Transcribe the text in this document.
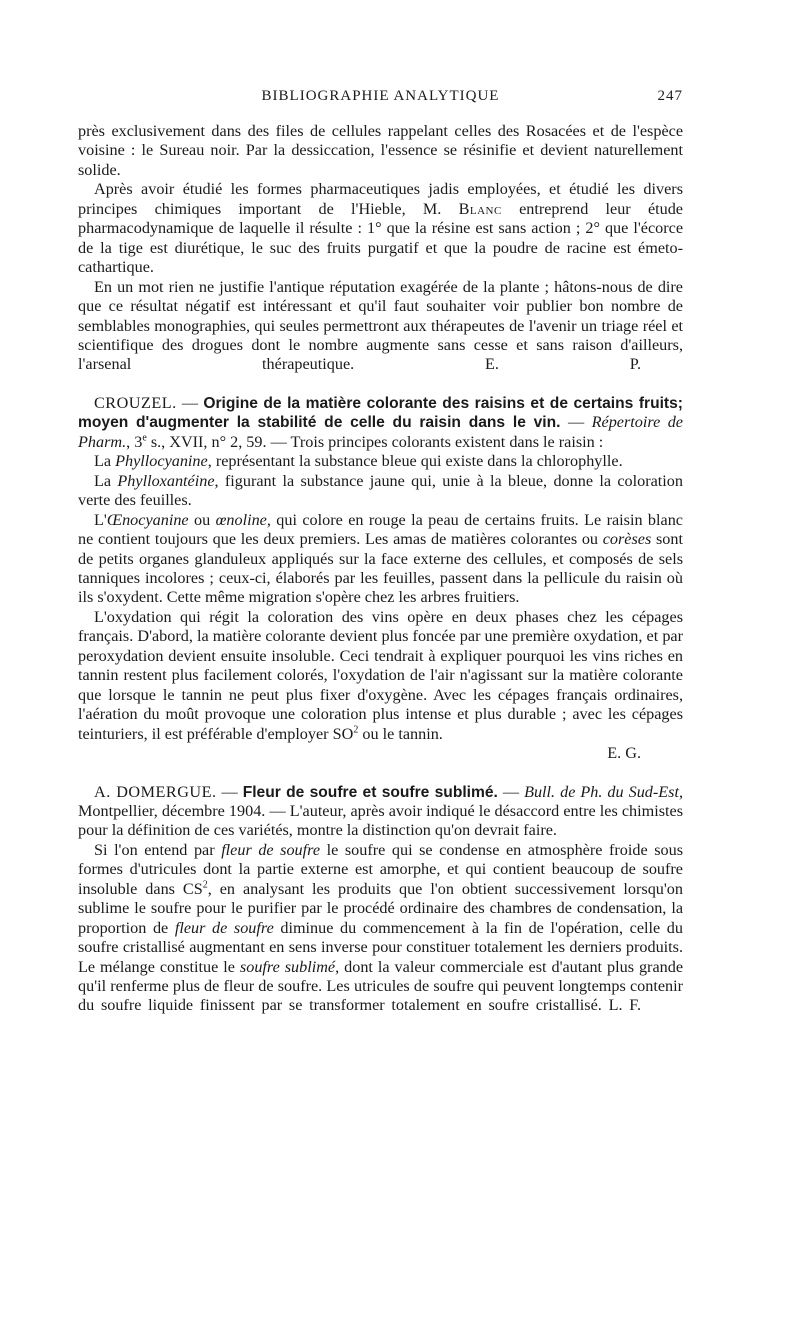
BIBLIOGRAPHIE ANALYTIQUE	247

près exclusivement dans des files de cellules rappelant celles des Rosacées et de l'espèce voisine : le Sureau noir. Par la dessiccation, l'essence se résinifie et devient naturellement solide.

Après avoir étudié les formes pharmaceutiques jadis employées, et étudié les divers principes chimiques important de l'Hieble, M. Blanc entreprend leur étude pharmacodynamique de laquelle il résulte : 1° que la résine est sans action ; 2° que l'écorce de la tige est diurétique, le suc des fruits purgatif et que la poudre de racine est émeto-cathartique.

En un mot rien ne justifie l'antique réputation exagérée de la plante ; hâtons-nous de dire que ce résultat négatif est intéressant et qu'il faut souhaiter voir publier bon nombre de semblables monographies, qui seules permettront aux thérapeutes de l'avenir un triage réel et scientifique des drogues dont le nombre augmente sans cesse et sans raison d'ailleurs, l'arsenal thérapeutique.	E. P.

CROUZEL. — Origine de la matière colorante des raisins et de certains fruits; moyen d'augmenter la stabilité de celle du raisin dans le vin. — Répertoire de Pharm., 3e s., XVII, n° 2, 59. — Trois principes colorants existent dans le raisin :

La Phyllocyanine, représentant la substance bleue qui existe dans la chlorophylle.

La Phylloxantéine, figurant la substance jaune qui, unie à la bleue, donne la coloration verte des feuilles.

L'Œnocyanine ou œnoline, qui colore en rouge la peau de certains fruits. Le raisin blanc ne contient toujours que les deux premiers. Les amas de matières colorantes ou corèses sont de petits organes glanduleux appliqués sur la face externe des cellules, et composés de sels tanniques incolores ; ceux-ci, élaborés par les feuilles, passent dans la pellicule du raisin où ils s'oxydent. Cette même migration s'opère chez les arbres fruitiers.

L'oxydation qui régit la coloration des vins opère en deux phases chez les cépages français. D'abord, la matière colorante devient plus foncée par une première oxydation, et par peroxydation devient ensuite insoluble. Ceci tendrait à expliquer pourquoi les vins riches en tannin restent plus facilement colorés, l'oxydation de l'air n'agissant sur la matière colorante que lorsque le tannin ne peut plus fixer d'oxygène. Avec les cépages français ordinaires, l'aération du moût provoque une coloration plus intense et plus durable ; avec les cépages teinturiers, il est préférable d'employer $SO^2$ ou le tannin.

E. G.

A. DOMERGUE. — Fleur de soufre et soufre sublimé. — Bull. de Ph. du Sud-Est, Montpellier, décembre 1904. — L'auteur, après avoir indiqué le désaccord entre les chimistes pour la définition de ces variétés, montre la distinction qu'on devrait faire.

Si l'on entend par fleur de soufre le soufre qui se condense en atmosphère froide sous formes d'utricules dont la partie externe est amorphe, et qui contient beaucoup de soufre insoluble dans $CS^2$, en analysant les produits que l'on obtient successivement lorsqu'on sublime le soufre pour le purifier par le procédé ordinaire des chambres de condensation, la proportion de fleur de soufre diminue du commencement à la fin de l'opération, celle du soufre cristallisé augmentant en sens inverse pour constituer totalement les derniers produits. Le mélange constitue le soufre sublimé, dont la valeur commerciale est d'autant plus grande qu'il renferme plus de fleur de soufre. Les utricules de soufre qui peuvent longtemps contenir du soufre liquide finissent par se transformer totalement en soufre cristallisé. L. F.
